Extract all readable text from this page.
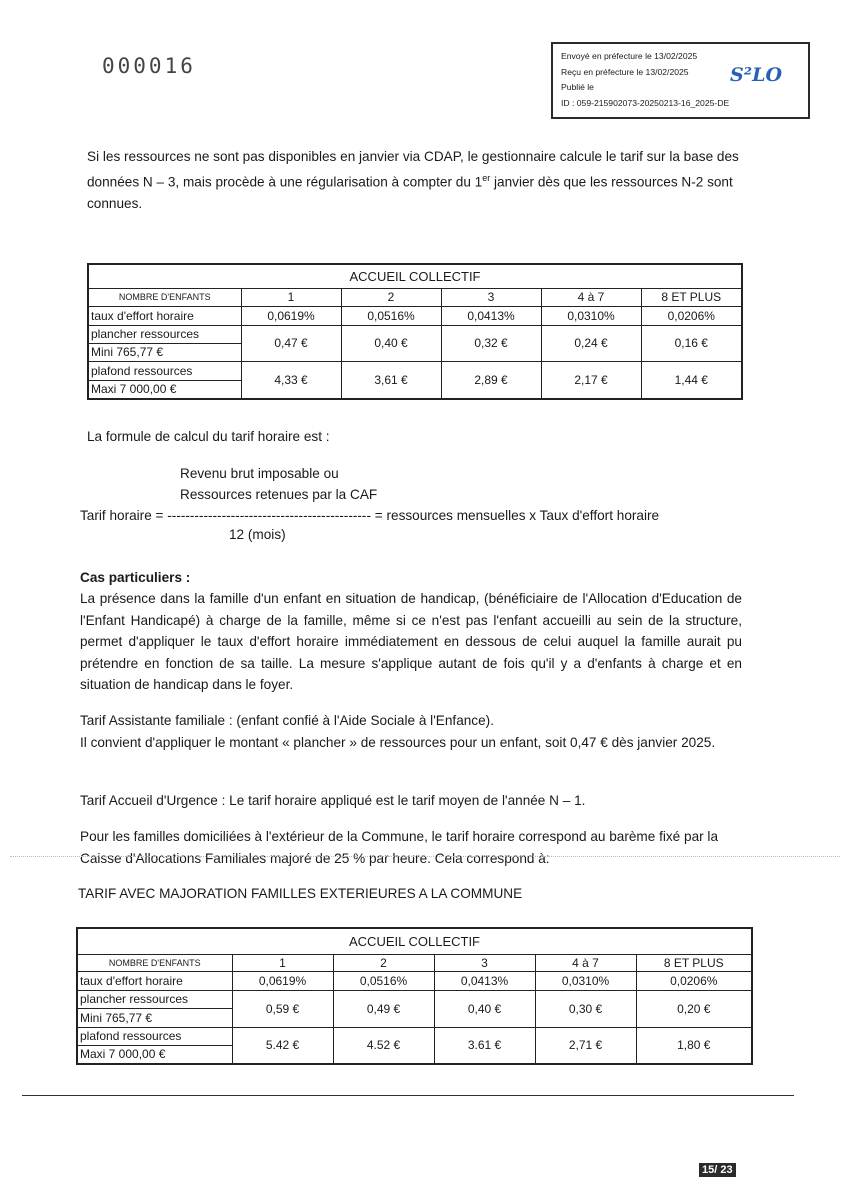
000016	Envoyé en préfecture le 13/02/2025
Reçu en préfecture le 13/02/2025
Publié le
ID : 059-215902073-20250213-16_2025-DE
S²LO
Si les ressources ne sont pas disponibles en janvier via CDAP, le gestionnaire calcule le tarif sur la base des données N – 3, mais procède à une régularisation à compter du 1er janvier dès que les ressources N-2 sont connues.
ACCUEIL COLLECTIF					
NOMBRE D'ENFANTS	1	2	3	4 à 7	8 ET PLUS
taux d'effort horaire	0,0619%	0,0516%	0,0413%	0,0310%	0,0206%
plancher ressources	0,47 €	0,40 €	0,32 €	0,24 €	0,16 €
Mini 765,77 €					
plafond ressources	4,33 €	3,61 €	2,89 €	2,17 €	1,44 €
Maxi 7 000,00 €					
La formule de calcul du tarif horaire est :
Revenu brut imposable ou
Ressources retenues par la CAF
Tarif horaire = --------------------------------------------- = ressources mensuelles x Taux d'effort horaire
12 (mois)
Cas particuliers :
La présence dans la famille d'un enfant en situation de handicap, (bénéficiaire de l'Allocation d'Education de l'Enfant Handicapé) à charge de la famille, même si ce n'est pas l'enfant accueilli au sein de la structure, permet d'appliquer le taux d'effort horaire immédiatement en dessous de celui auquel la famille aurait pu prétendre en fonction de sa taille. La mesure s'applique autant de fois qu'il y a d'enfants à charge et en situation de handicap dans le foyer.
Tarif Assistante familiale : (enfant confié à l'Aide Sociale à l'Enfance).
Il convient d'appliquer le montant « plancher » de ressources pour un enfant, soit 0,47 € dès janvier 2025.
Tarif Accueil d'Urgence : Le tarif horaire appliqué est le tarif moyen de l'année N – 1.
Pour les familles domiciliées à l'extérieur de la Commune, le tarif horaire correspond au barème fixé par la Caisse d'Allocations Familiales majoré de 25 % par heure. Cela correspond à:
TARIF AVEC MAJORATION FAMILLES EXTERIEURES A LA COMMUNE
ACCUEIL COLLECTIF					
NOMBRE D'ENFANTS	1	2	3	4 à 7	8 ET PLUS
taux d'effort horaire	0,0619%	0,0516%	0,0413%	0,0310%	0,0206%
plancher ressources	0,59 €	0,49 €	0,40 €	0,30 €	0,20 €
Mini 765,77 €					
plafond ressources	5.42 €	4.52 €	3.61 €	2,71 €	1,80 €
Maxi 7 000,00 €					
15/ 23
